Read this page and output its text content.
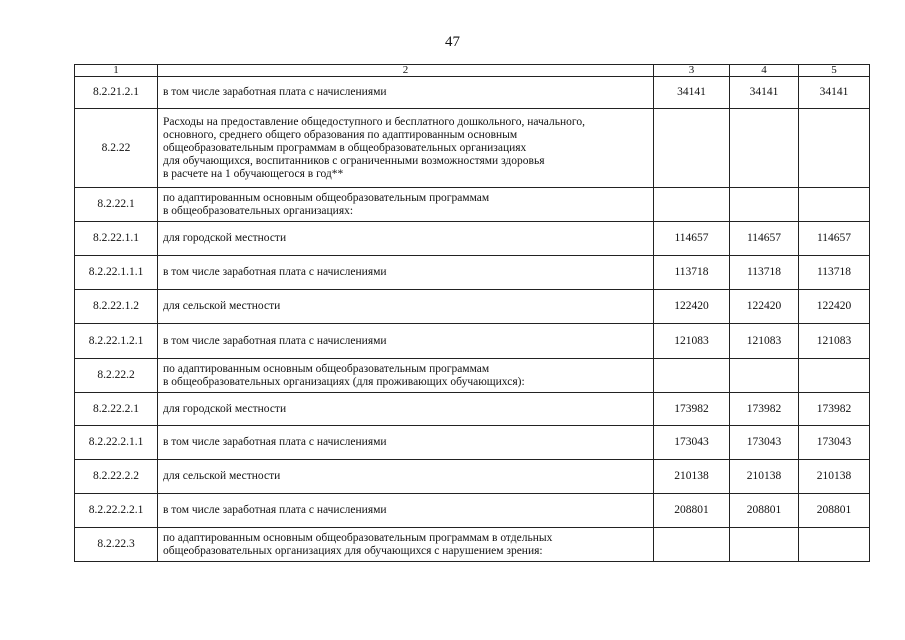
47
1	2	3	4	5
8.2.21.2.1	в том числе заработная плата с начислениями	34141	34141	34141
8.2.22	Расходы на предоставление общедоступного и бесплатного дошкольного, начального,
основного, среднего общего образования по адаптированным основным
общеобразовательным программам в общеобразовательных организациях
для обучающихся, воспитанников с ограниченными возможностями здоровья
в расчете на 1 обучающегося в год**			

8.2.22.1	по адаптированным основным общеобразовательным программам
в общеобразовательных организациях:			

8.2.22.1.1	для городской местности	114657	114657	114657
8.2.22.1.1.1	в том числе заработная плата с начислениями	113718	113718	113718
8.2.22.1.2	для сельской местности	122420	122420	122420
8.2.22.1.2.1	в том числе заработная плата с начислениями	121083	121083	121083
8.2.22.2	по адаптированным основным общеобразовательным программам
в общеобразовательных организациях (для проживающих обучающихся):			

8.2.22.2.1	для городской местности	173982	173982	173982
8.2.22.2.1.1	в том числе заработная плата с начислениями	173043	173043	173043
8.2.22.2.2	для сельской местности	210138	210138	210138
8.2.22.2.2.1	в том числе заработная плата с начислениями	208801	208801	208801
8.2.22.3	по адаптированным основным общеобразовательным программам в отдельных
общеобразовательных организациях для обучающихся с нарушением зрения:			
